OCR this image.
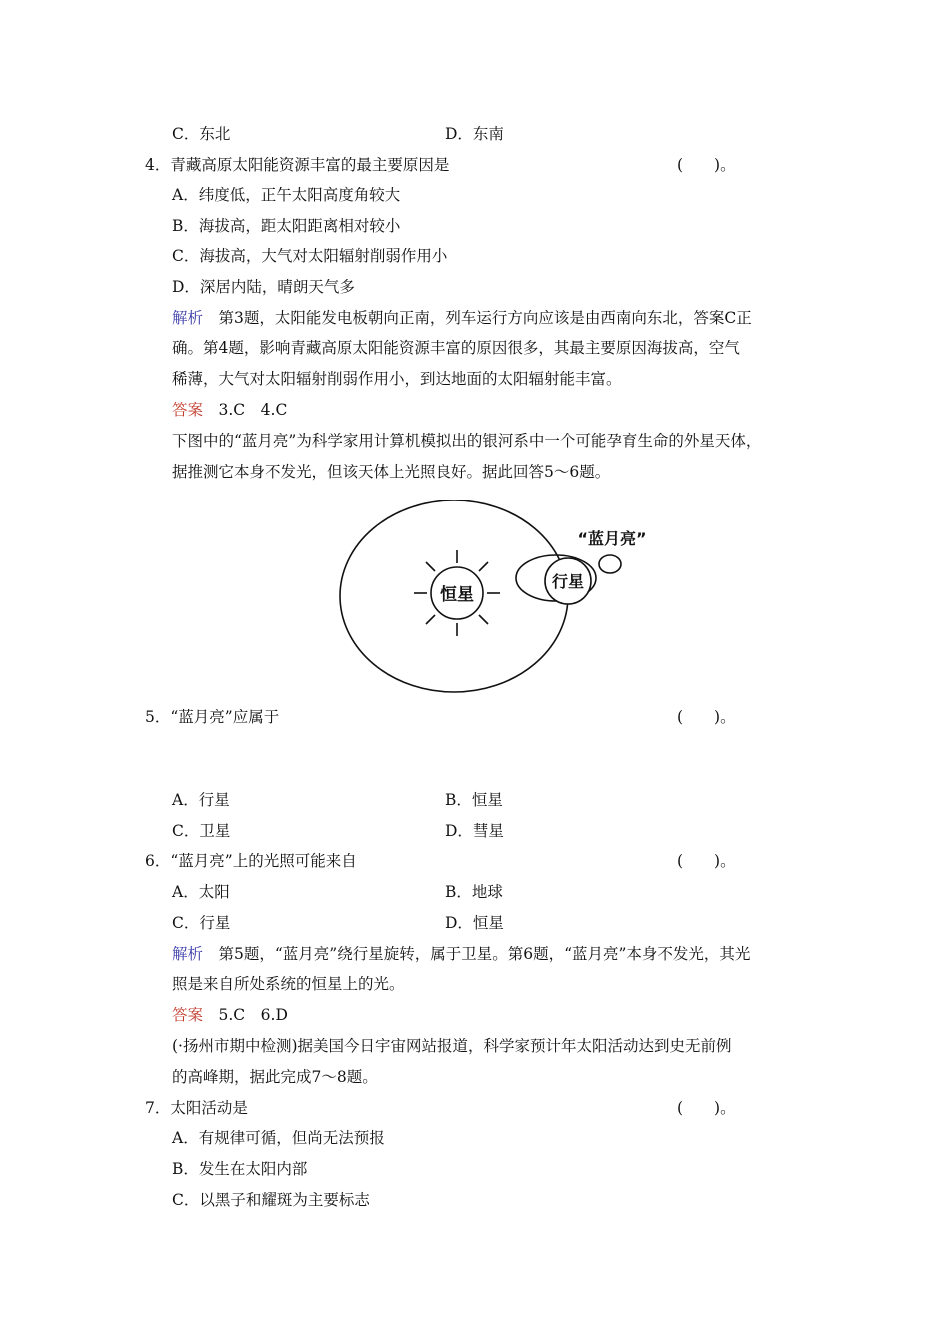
C．东北	D．东南
4．青藏高原太阳能资源丰富的最主要原因是	(　　)。
A．纬度低，正午太阳高度角较大
B．海拔高，距太阳距离相对较小
C．海拔高，大气对太阳辐射削弱作用小
D．深居内陆，晴朗天气多
解析　第3题，太阳能发电板朝向正南，列车运行方向应该是由西南向东北，答案C正
确。第4题，影响青藏高原太阳能资源丰富的原因很多，其最主要原因海拔高，空气
稀薄，大气对太阳辐射削弱作用小，到达地面的太阳辐射能丰富。
答案　3.C　4.C
下图中的“蓝月亮”为科学家用计算机模拟出的银河系中一个可能孕育生命的外星天体，
据推测它本身不发光，但该天体上光照良好。据此回答5～6题。
恒星
行星
“蓝月亮”
5．“蓝月亮”应属于	(　　)。
A．行星	B．恒星
C．卫星	D．彗星
6．“蓝月亮”上的光照可能来自	(　　)。
A．太阳	B．地球
C．行星	D．恒星
解析　第5题，“蓝月亮”绕行星旋转，属于卫星。第6题，“蓝月亮”本身不发光，其光
照是来自所处系统的恒星上的光。
答案　5.C　6.D
(·扬州市期中检测)据美国今日宇宙网站报道，科学家预计年太阳活动达到史无前例
的高峰期，据此完成7～8题。
7．太阳活动是	(　　)。
A．有规律可循，但尚无法预报
B．发生在太阳内部
C．以黑子和耀斑为主要标志
